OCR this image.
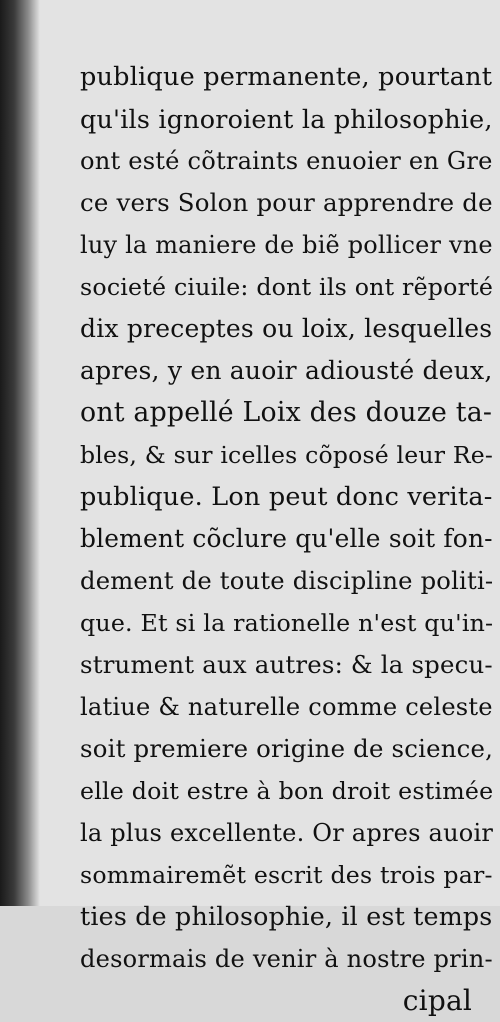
publique permanente, pourtant
qu'ils ignoroient la philosophie,
ont esté cõtraints enuoier en Gre
ce vers Solon pour apprendre de
luy la maniere de biẽ pollicer vne
societé ciuile: dont ils ont rẽporté
dix preceptes ou loix, lesquelles
apres, y en auoir adiousté deux,
ont appellé Loix des douze ta-
bles, & sur icelles cõposé leur Re-
publique. Lon peut donc verita-
blement cõclure qu'elle soit fon-
dement de toute discipline politi-
que. Et si la rationelle n'est qu'in-
strument aux autres: & la specu-
latiue & naturelle comme celeste
soit premiere origine de science,
elle doit estre à bon droit estimée
la plus excellente. Or apres auoir
sommairemẽt escrit des trois par-
ties de philosophie, il est temps
desormais de venir à nostre prin-
cipal
